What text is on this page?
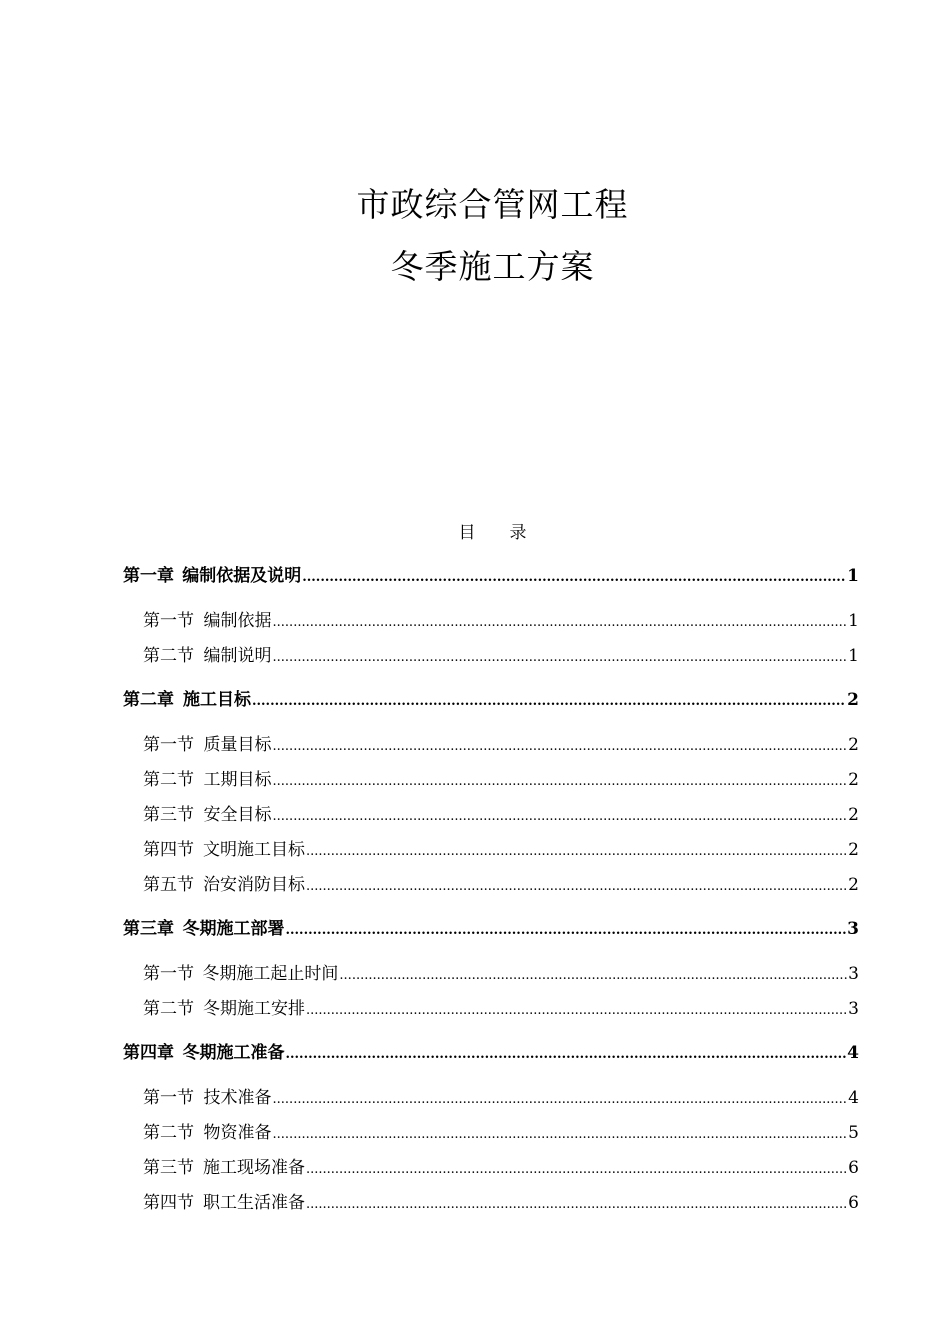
市政综合管网工程
冬季施工方案
目 录
第一章 编制依据及说明 .....	1
第一节 编制依据 .....	1
第二节 编制说明 .....	1
第二章 施工目标 .....	2
第一节 质量目标 .....	2
第二节 工期目标 .....	2
第三节 安全目标 .....	2
第四节 文明施工目标 .....	2
第五节 治安消防目标 .....	2
第三章 冬期施工部署 .....	3
第一节 冬期施工起止时间 .....	3
第二节 冬期施工安排 .....	3
第四章 冬期施工准备 .....	4
第一节 技术准备 .....	4
第二节 物资准备 .....	5
第三节 施工现场准备 .....	6
第四节 职工生活准备 .....	6
